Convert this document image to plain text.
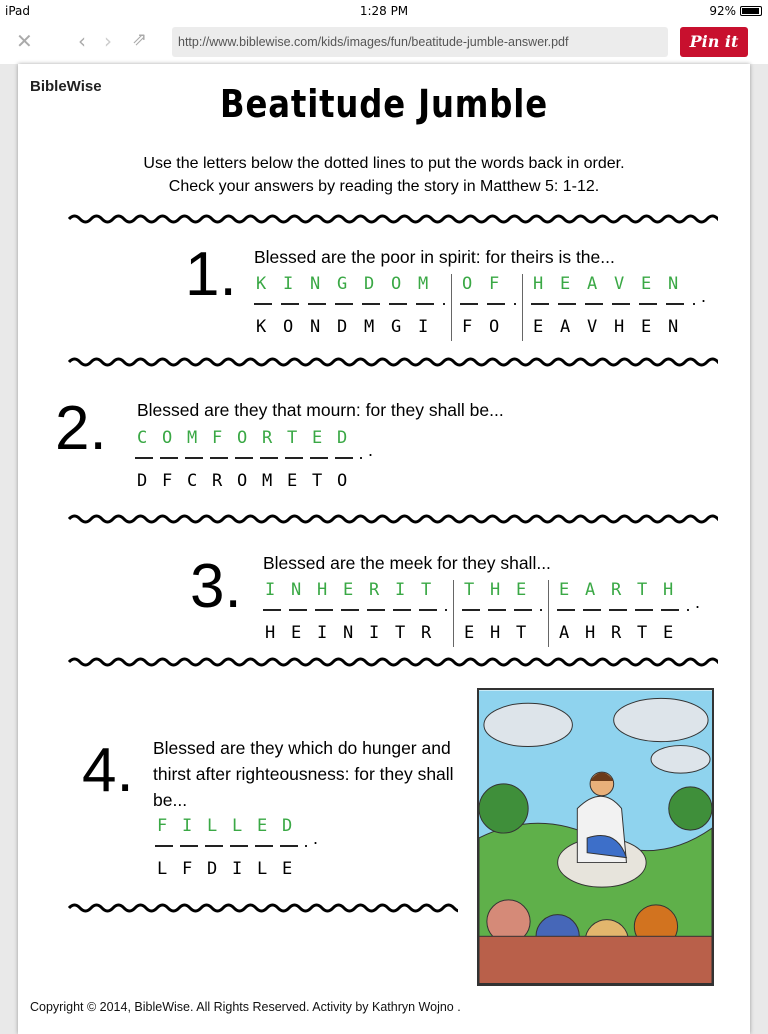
iPad	1:28 PM	92%
✕ ‹ › ⇗	http://www.biblewise.com/kids/images/fun/beatitude-jumble-answer.pdf	Pin it
BibleWise	Beatitude Jumble
Use the letters below the dotted lines to put the words back in order.
Check your answers by reading the story in Matthew 5: 1-12.
1. Blessed are the poor in spirit: for theirs is the...
KINGDOM
KONDMGI
OF
FO
HEAVEN
EAVHEN
.
2. Blessed are they that mourn: for they shall be...
COMFORTED
DFCROMETO
.
3. Blessed are the meek for they shall...
INHERIT
HEINITR
THE
EHT
EARTH
AHRTE
.
4. Blessed are they which do hunger and thirst after righteousness: for they shall be...
FILLED
LFDILE
.
Copyright © 2014, BibleWise. All Rights Reserved. Activity by Kathryn Wojno .
